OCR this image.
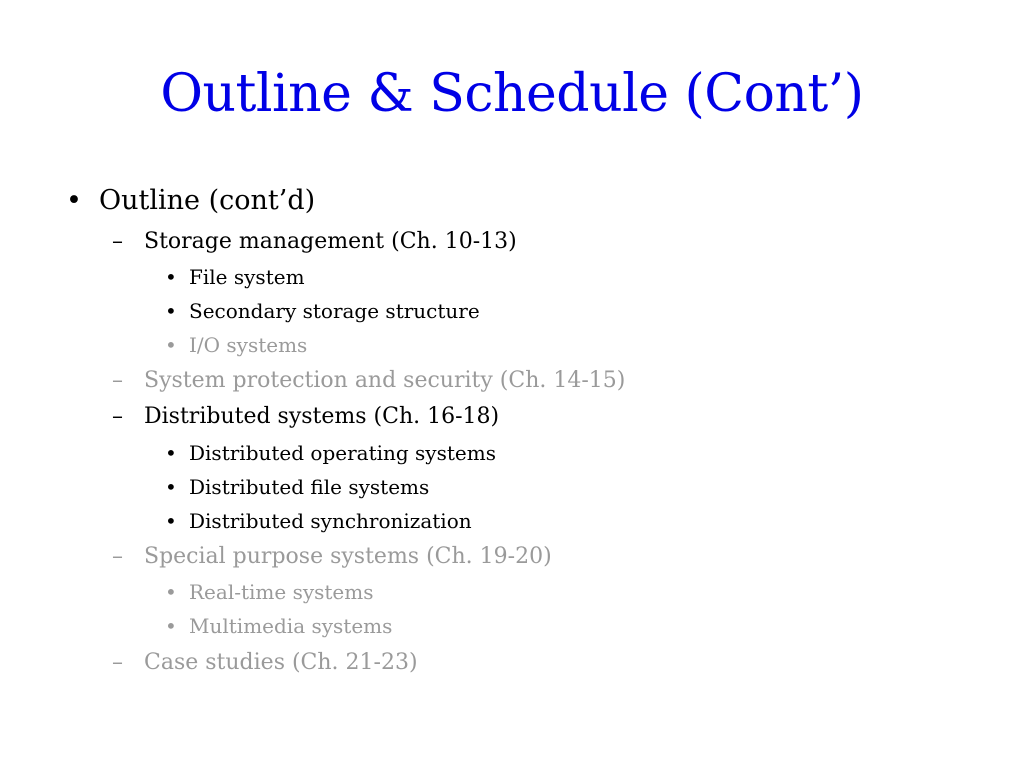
Outline & Schedule (Cont’)
• Outline (cont’d)
– Storage management (Ch. 10-13)
• File system
• Secondary storage structure
• I/O systems
– System protection and security (Ch. 14-15)
– Distributed systems (Ch. 16-18)
• Distributed operating systems
• Distributed file systems
• Distributed synchronization
– Special purpose systems (Ch. 19-20)
• Real-time systems
• Multimedia systems
– Case studies (Ch. 21-23)
